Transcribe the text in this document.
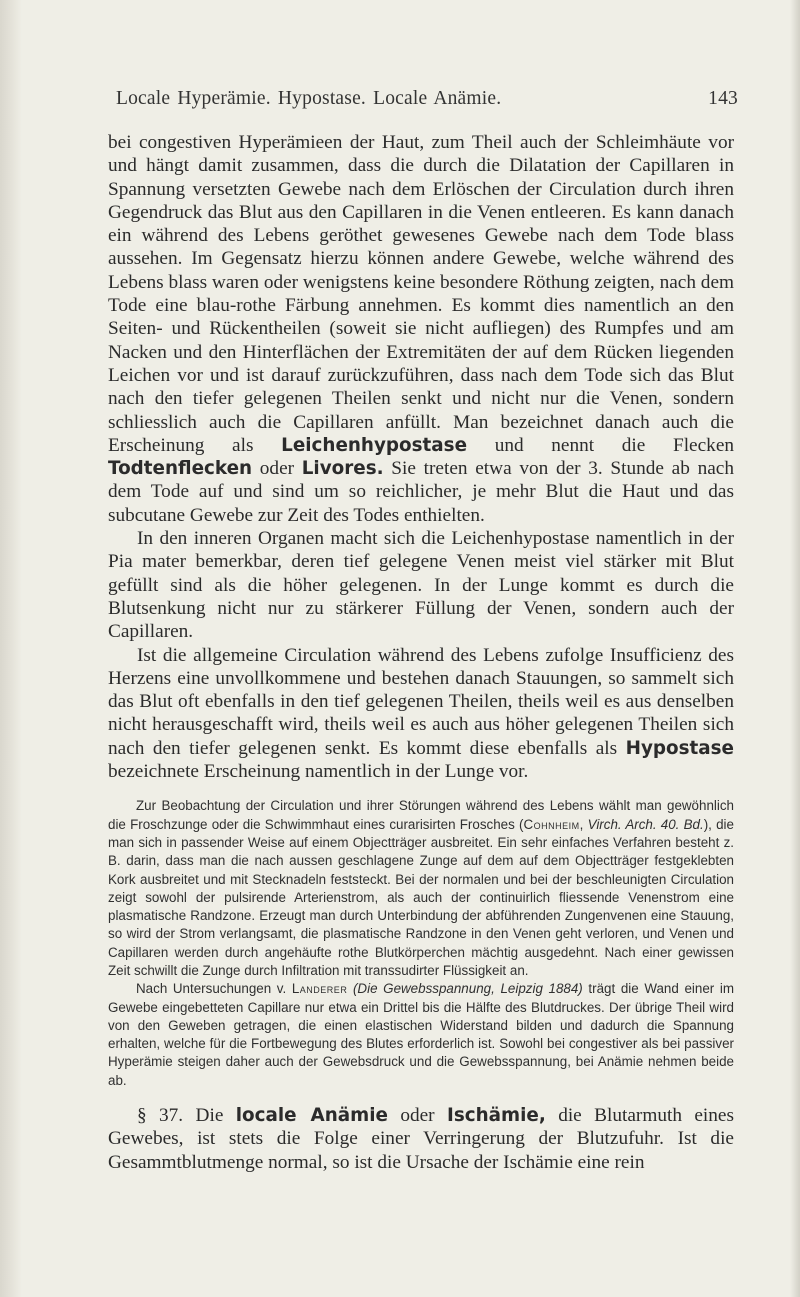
Locale Hyperämie. Hypostase. Locale Anämie.	143

bei congestiven Hyperämieen der Haut, zum Theil auch der Schleimhäute vor und hängt damit zusammen, dass die durch die Dilatation der Capillaren in Spannung versetzten Gewebe nach dem Erlöschen der Circulation durch ihren Gegendruck das Blut aus den Capillaren in die Venen entleeren. Es kann danach ein während des Lebens geröthet gewesenes Gewebe nach dem Tode blass aussehen. Im Gegensatz hierzu können andere Gewebe, welche während des Lebens blass waren oder wenigstens keine besondere Röthung zeigten, nach dem Tode eine blau-rothe Färbung annehmen. Es kommt dies namentlich an den Seiten- und Rückentheilen (soweit sie nicht aufliegen) des Rumpfes und am Nacken und den Hinterflächen der Extremitäten der auf dem Rücken liegenden Leichen vor und ist darauf zurückzuführen, dass nach dem Tode sich das Blut nach den tiefer gelegenen Theilen senkt und nicht nur die Venen, sondern schliesslich auch die Capillaren anfüllt. Man bezeichnet danach auch die Erscheinung als Leichenhypostase und nennt die Flecken Todtenflecken oder Livores. Sie treten etwa von der 3. Stunde ab nach dem Tode auf und sind um so reichlicher, je mehr Blut die Haut und das subcutane Gewebe zur Zeit des Todes enthielten.

In den inneren Organen macht sich die Leichenhypostase namentlich in der Pia mater bemerkbar, deren tief gelegene Venen meist viel stärker mit Blut gefüllt sind als die höher gelegenen. In der Lunge kommt es durch die Blutsenkung nicht nur zu stärkerer Füllung der Venen, sondern auch der Capillaren.

Ist die allgemeine Circulation während des Lebens zufolge Insufficienz des Herzens eine unvollkommene und bestehen danach Stauungen, so sammelt sich das Blut oft ebenfalls in den tief gelegenen Theilen, theils weil es aus denselben nicht herausgeschafft wird, theils weil es auch aus höher gelegenen Theilen sich nach den tiefer gelegenen senkt. Es kommt diese ebenfalls als Hypostase bezeichnete Erscheinung namentlich in der Lunge vor.

Zur Beobachtung der Circulation und ihrer Störungen während des Lebens wählt man gewöhnlich die Froschzunge oder die Schwimmhaut eines curarisirten Frosches (Cohnheim, Virch. Arch. 40. Bd.), die man sich in passender Weise auf einem Objectträger ausbreitet. Ein sehr einfaches Verfahren besteht z. B. darin, dass man die nach aussen geschlagene Zunge auf dem auf dem Objectträger festgeklebten Kork ausbreitet und mit Stecknadeln feststeckt. Bei der normalen und bei der beschleunigten Circulation zeigt sowohl der pulsirende Arterienstrom, als auch der continuirlich fliessende Venenstrom eine plasmatische Randzone. Erzeugt man durch Unterbindung der abführenden Zungenvenen eine Stauung, so wird der Strom verlangsamt, die plasmatische Randzone in den Venen geht verloren, und Venen und Capillaren werden durch angehäufte rothe Blutkörperchen mächtig ausgedehnt. Nach einer gewissen Zeit schwillt die Zunge durch Infiltration mit transsudirter Flüssigkeit an.

Nach Untersuchungen v. Landerer (Die Gewebsspannung, Leipzig 1884) trägt die Wand einer im Gewebe eingebetteten Capillare nur etwa ein Drittel bis die Hälfte des Blutdruckes. Der übrige Theil wird von den Geweben getragen, die einen elastischen Widerstand bilden und dadurch die Spannung erhalten, welche für die Fortbewegung des Blutes erforderlich ist. Sowohl bei congestiver als bei passiver Hyperämie steigen daher auch der Gewebsdruck und die Gewebsspannung, bei Anämie nehmen beide ab.

§ 37. Die locale Anämie oder Ischämie, die Blutarmuth eines Gewebes, ist stets die Folge einer Verringerung der Blutzufuhr. Ist die Gesammtblutmenge normal, so ist die Ursache der Ischämie eine rein
